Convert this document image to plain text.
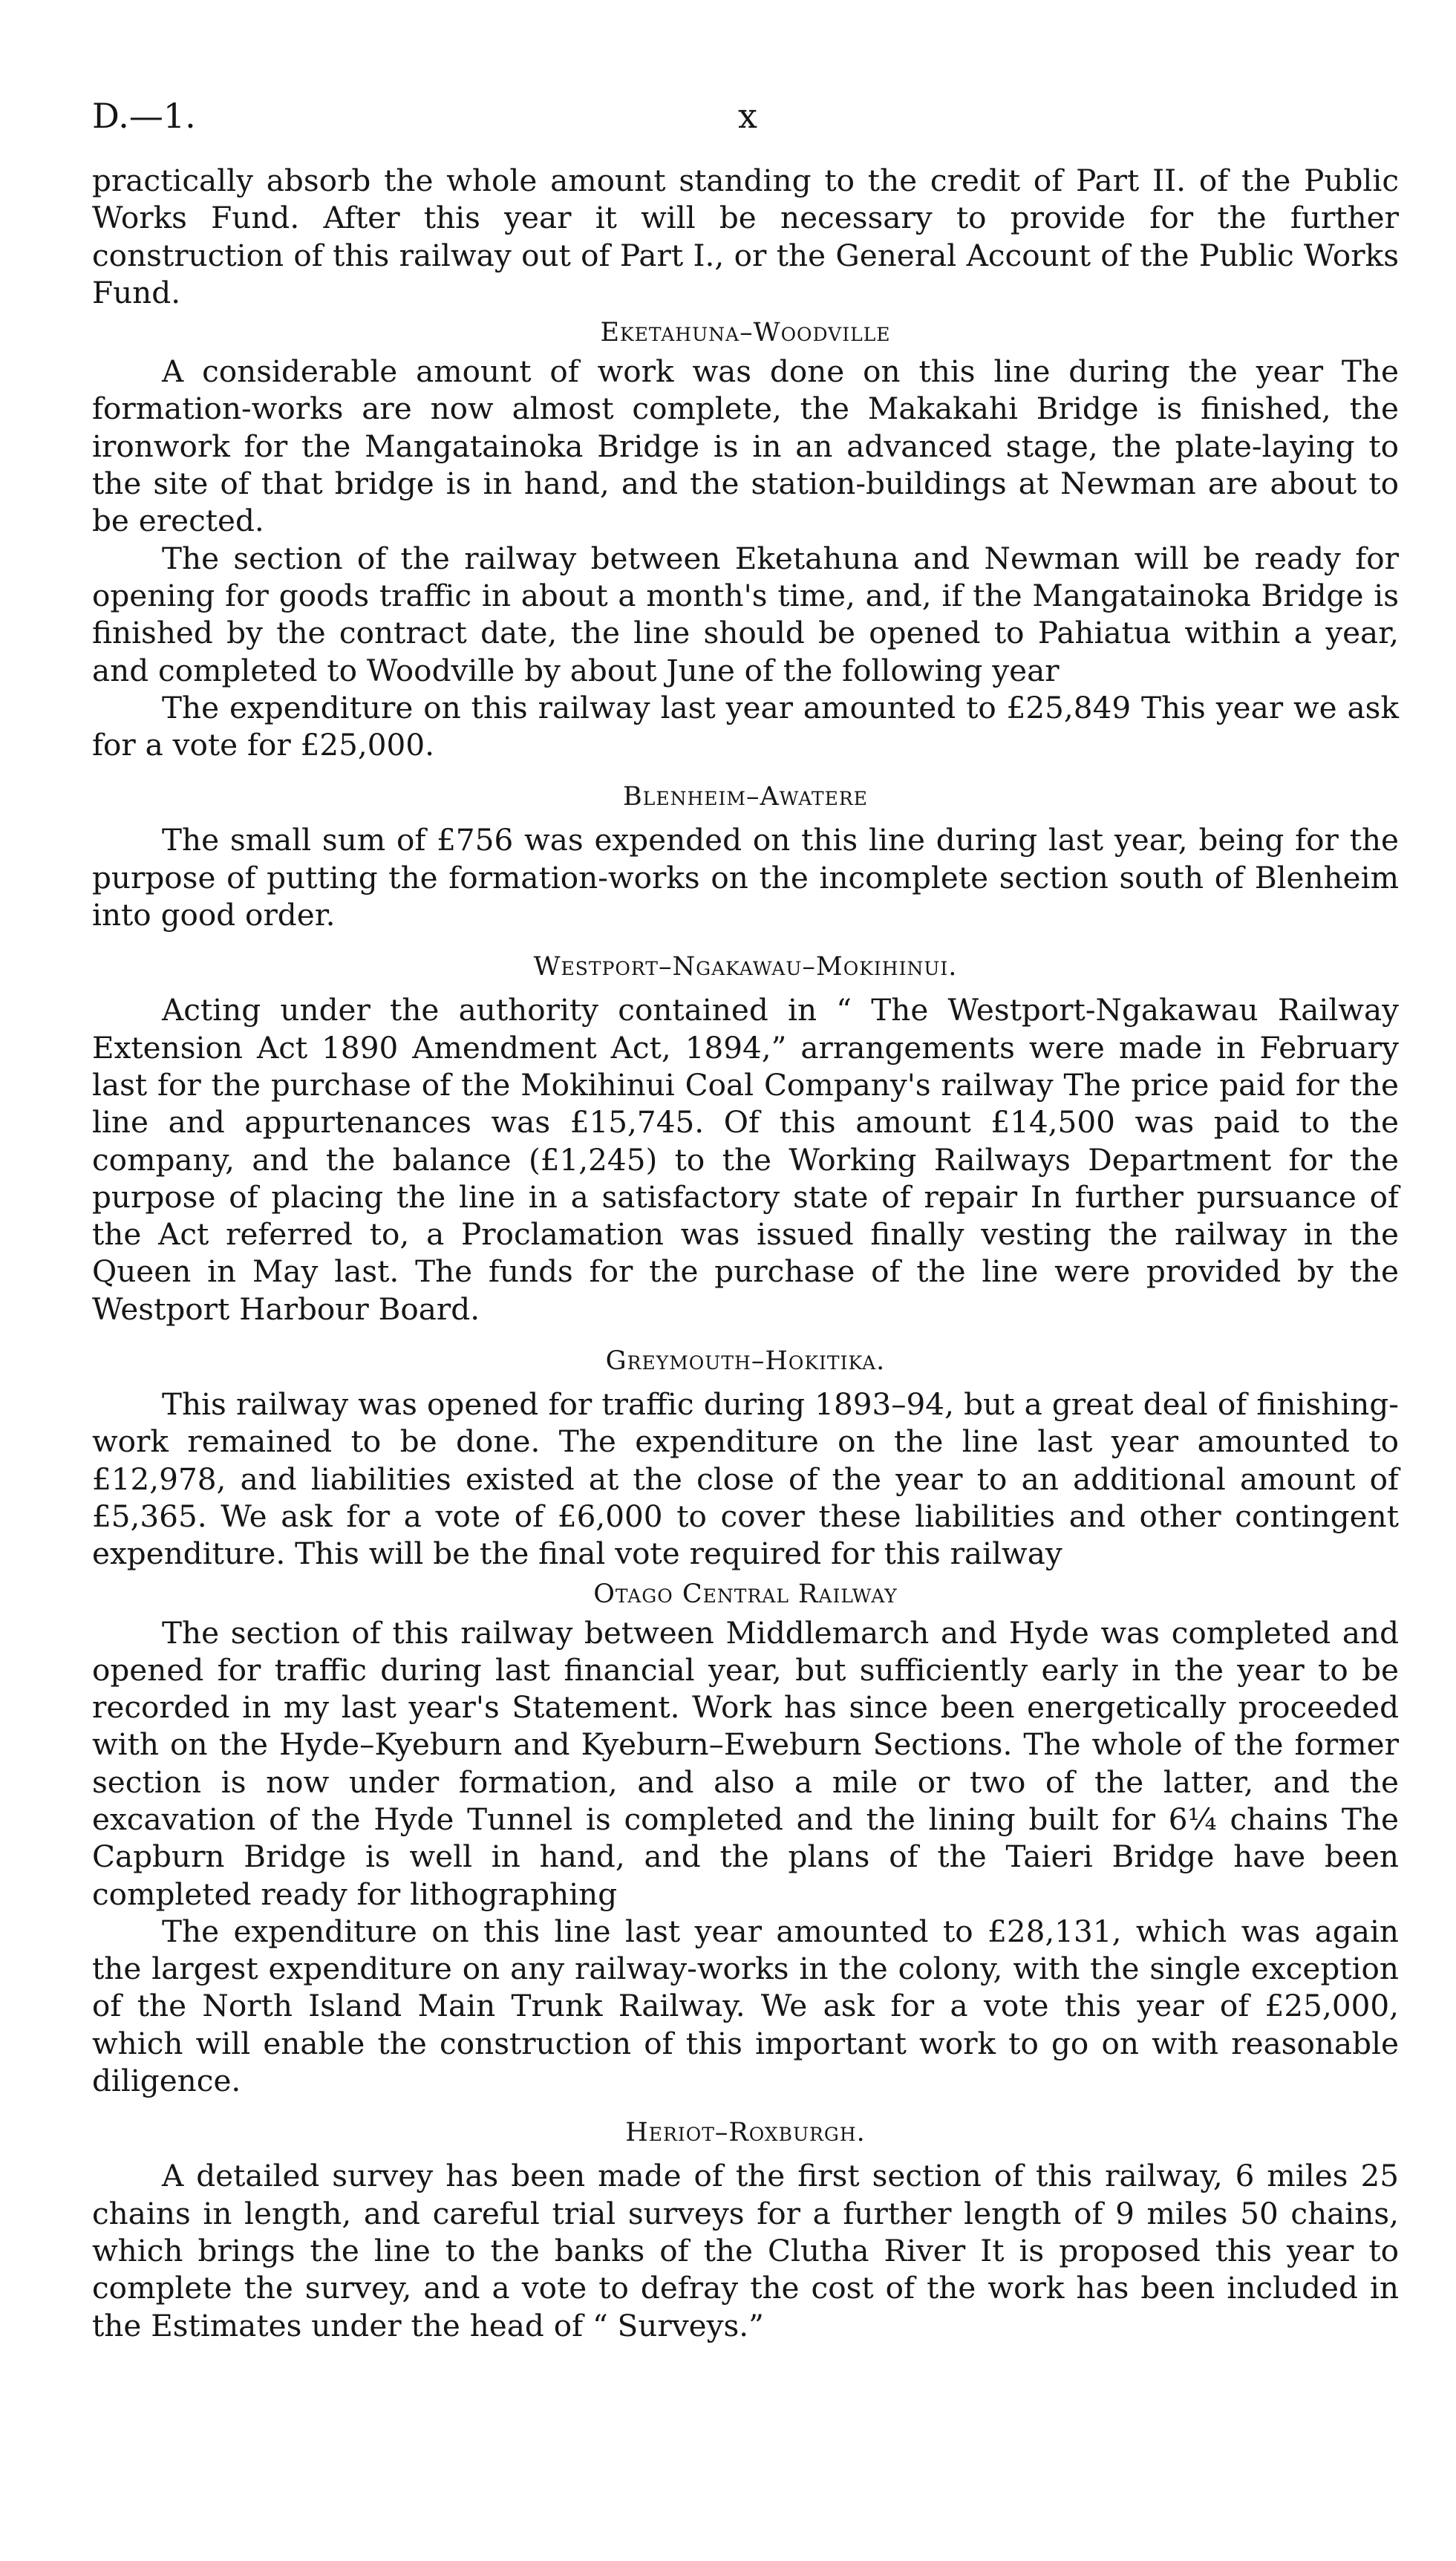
D.—1.	x

practically absorb the whole amount standing to the credit of Part II. of the Public Works Fund. After this year it will be necessary to provide for the further construction of this railway out of Part I., or the General Account of the Public Works Fund.

Eketahuna–Woodville

A considerable amount of work was done on this line during the year The formation-works are now almost complete, the Makakahi Bridge is finished, the ironwork for the Mangatainoka Bridge is in an advanced stage, the plate-laying to the site of that bridge is in hand, and the station-buildings at Newman are about to be erected.

The section of the railway between Eketahuna and Newman will be ready for opening for goods traffic in about a month's time, and, if the Mangatainoka Bridge is finished by the contract date, the line should be opened to Pahiatua within a year, and completed to Woodville by about June of the following year

The expenditure on this railway last year amounted to £25,849 This year we ask for a vote for £25,000.

Blenheim–Awatere

The small sum of £756 was expended on this line during last year, being for the purpose of putting the formation-works on the incomplete section south of Blenheim into good order.

Westport–Ngakawau–Mokihinui.

Acting under the authority contained in “ The Westport-Ngakawau Railway Extension Act 1890 Amendment Act, 1894,” arrangements were made in February last for the purchase of the Mokihinui Coal Company's railway The price paid for the line and appurtenances was £15,745. Of this amount £14,500 was paid to the company, and the balance (£1,245) to the Working Railways Department for the purpose of placing the line in a satisfactory state of repair In further pursuance of the Act referred to, a Proclamation was issued finally vesting the railway in the Queen in May last. The funds for the purchase of the line were provided by the Westport Harbour Board.

Greymouth–Hokitika.

This railway was opened for traffic during 1893–94, but a great deal of finishing-work remained to be done. The expenditure on the line last year amounted to £12,978, and liabilities existed at the close of the year to an additional amount of £5,365. We ask for a vote of £6,000 to cover these liabilities and other contingent expenditure. This will be the final vote required for this railway

Otago Central Railway

The section of this railway between Middlemarch and Hyde was completed and opened for traffic during last financial year, but sufficiently early in the year to be recorded in my last year's Statement. Work has since been energetically proceeded with on the Hyde–Kyeburn and Kyeburn–Eweburn Sections. The whole of the former section is now under formation, and also a mile or two of the latter, and the excavation of the Hyde Tunnel is completed and the lining built for 6¼ chains The Capburn Bridge is well in hand, and the plans of the Taieri Bridge have been completed ready for lithographing

The expenditure on this line last year amounted to £28,131, which was again the largest expenditure on any railway-works in the colony, with the single exception of the North Island Main Trunk Railway. We ask for a vote this year of £25,000, which will enable the construction of this important work to go on with reasonable diligence.

Heriot–Roxburgh.

A detailed survey has been made of the first section of this railway, 6 miles 25 chains in length, and careful trial surveys for a further length of 9 miles 50 chains, which brings the line to the banks of the Clutha River It is proposed this year to complete the survey, and a vote to defray the cost of the work has been included in the Estimates under the head of “ Surveys.”
